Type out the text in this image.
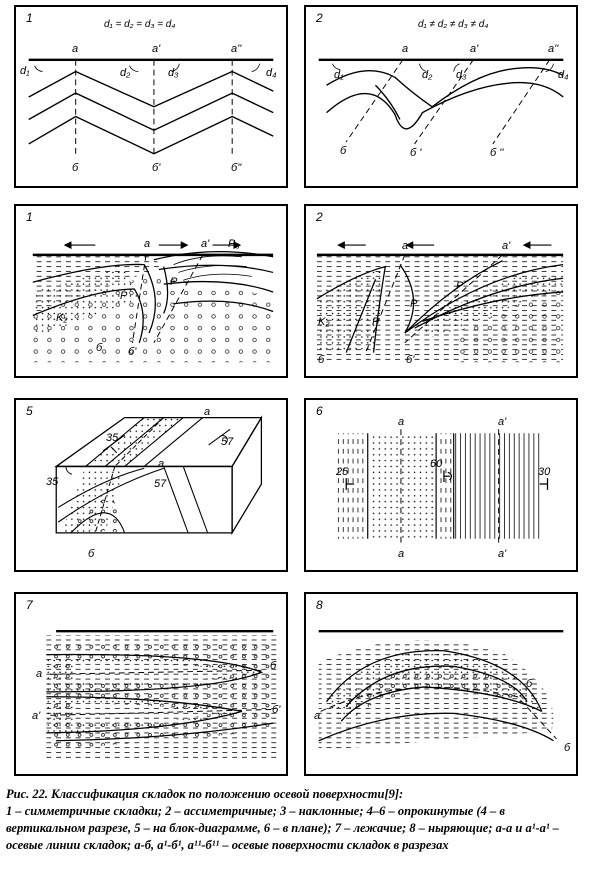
1	d₁ = d₂ = d₃ = d₄
а	а'	а''
d₁	d₂	d₃	d₄
б	б'	б''
2	d₁ ≠ d₂ ≠ d₃ ≠ d₄
а	а'	а''
d₁	d₂ d₃	d₄
б	б '	б ''
1
а	а' P₃
P
P
K₂
б б'
2
а	а'
P
P
P
K₂
б	б'
5	а
35
35
57
57
а
б
6
а	а'
25
60
30
а	а'
7
а
а'
б
б'
8
а
б
б
Рис. 22. Классификация складок по положению осевой поверхности[9]:
1 – симметричные складки; 2 – ассиметричные; 3 – наклонные; 4–6 – опрокинутые (4 – в вертикальном разрезе, 5 – на блок-диаграмме, 6 – в плане); 7 – лежачие; 8 – ныряющие; а-а и а¹-а¹ – осевые линии складок; а-б, а¹-б¹, а¹¹-б¹¹ – осевые поверхности складок в разрезах
